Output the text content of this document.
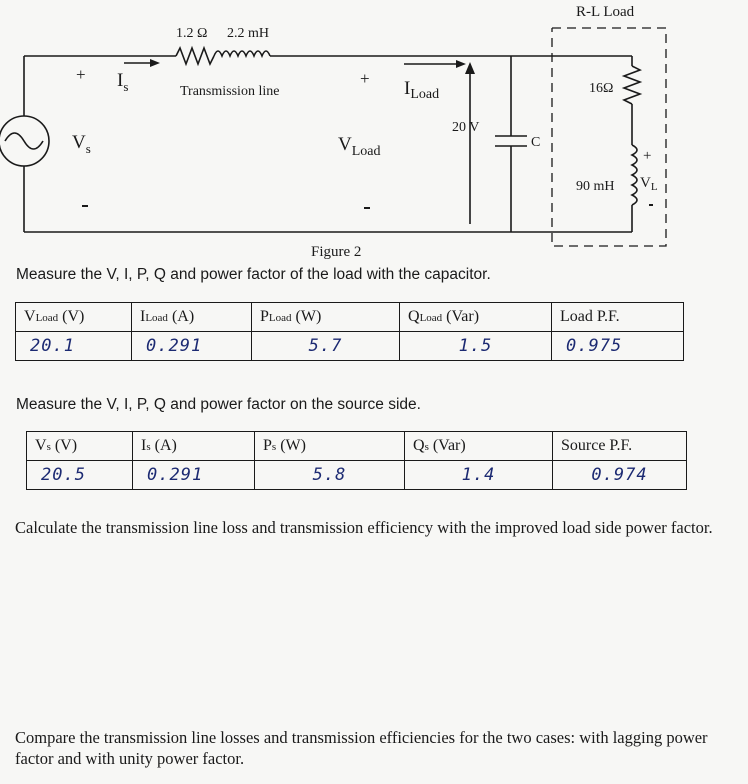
R-L Load
1.2 Ω 2.2 mH
Transmission line
+ $I_s$
$V_s$
+ $I_{Load}$
$V_{Load}$
20 V
C
16Ω
90 mH
+
$V_L$
Figure 2
Measure the V, I, P, Q and power factor of the load with the capacitor.
VLoad (V)	ILoad (A)	PLoad (W)	QLoad (Var)	Load P.F.
20.1	0.291	5.7	1.5	0.975
Measure the V, I, P, Q and power factor on the source side.
Vs (V)	Is (A)	Ps (W)	Qs (Var)	Source P.F.
20.5	0.291	5.8	1.4	0.974
Calculate the transmission line loss and transmission efficiency with the improved load side power factor.
Compare the transmission line losses and transmission efficiencies for the two cases: with lagging power factor and with unity power factor.
